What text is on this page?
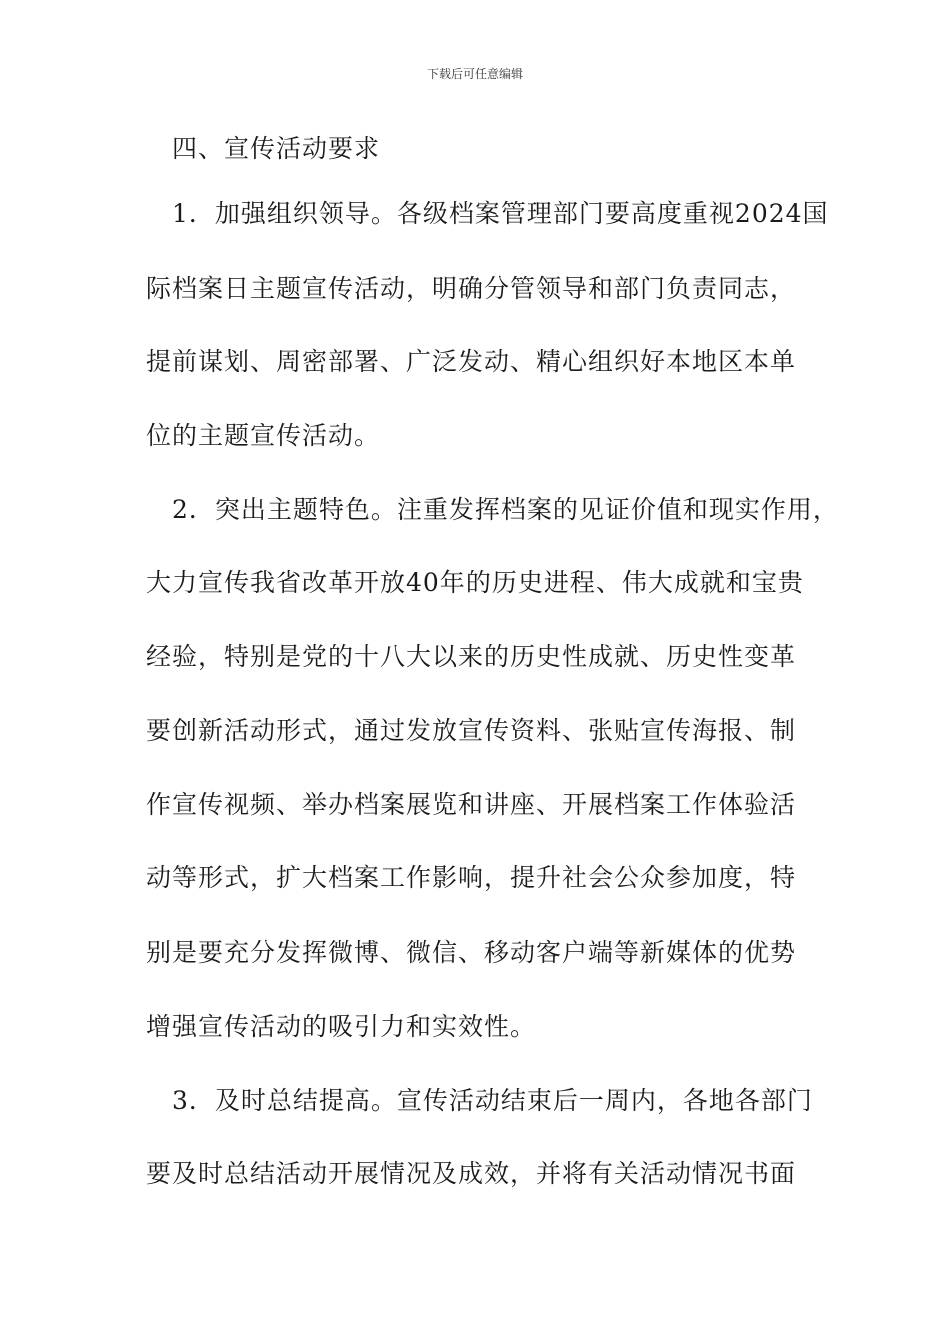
下载后可任意编辑
四、宣传活动要求
1．加强组织领导。各级档案管理部门要高度重视2024国
际档案日主题宣传活动，明确分管领导和部门负责同志，
提前谋划、周密部署、广泛发动、精心组织好本地区本单
位的主题宣传活动。
2．突出主题特色。注重发挥档案的见证价值和现实作用，
大力宣传我省改革开放40年的历史进程、伟大成就和宝贵
经验，特别是党的十八大以来的历史性成就、历史性变革
要创新活动形式，通过发放宣传资料、张贴宣传海报、制
作宣传视频、举办档案展览和讲座、开展档案工作体验活
动等形式，扩大档案工作影响，提升社会公众参加度，特
别是要充分发挥微博、微信、移动客户端等新媒体的优势
增强宣传活动的吸引力和实效性。
3．及时总结提高。宣传活动结束后一周内，各地各部门
要及时总结活动开展情况及成效，并将有关活动情况书面
